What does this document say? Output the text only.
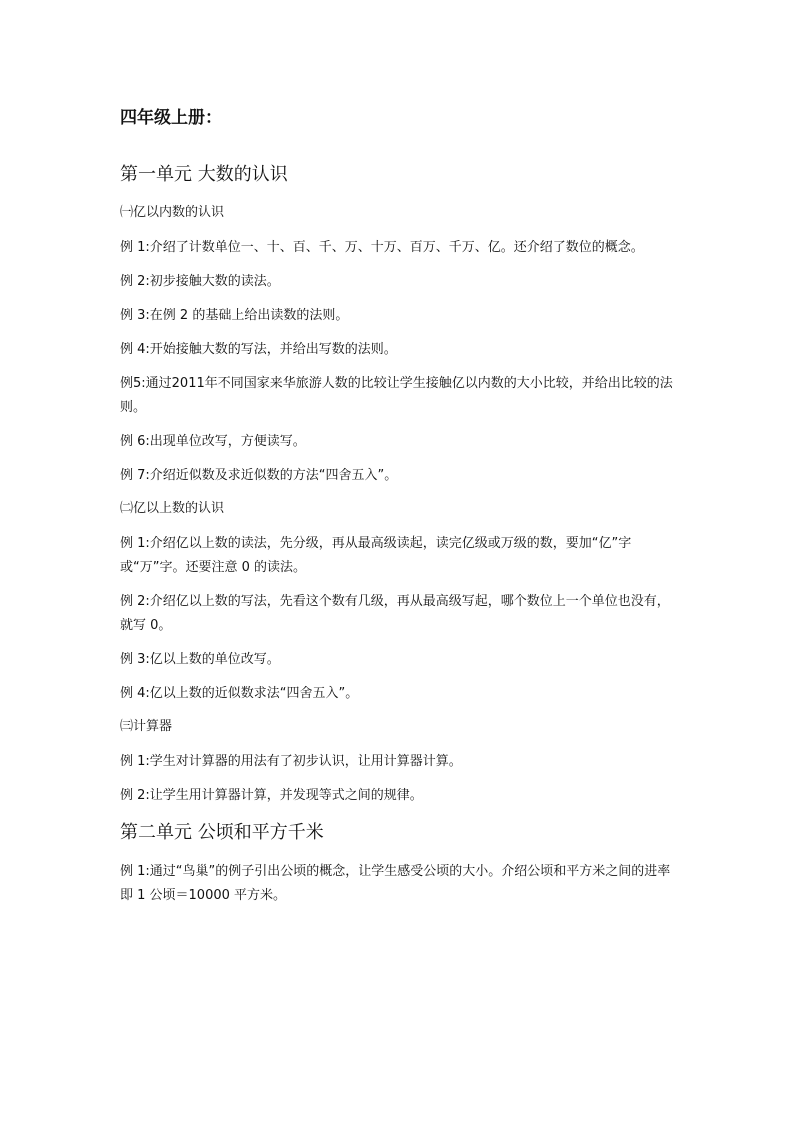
四年级上册：
第一单元 大数的认识
㈠亿以内数的认识
例 1:介绍了计数单位一、十、百、千、万、十万、百万、千万、亿。还介绍了数位的概念。
例 2:初步接触大数的读法。
例 3:在例 2 的基础上给出读数的法则。
例 4:开始接触大数的写法，并给出写数的法则。
例5:通过2011年不同国家来华旅游人数的比较让学生接触亿以内数的大小比较，并给出比较的法则。
例 6:出现单位改写，方便读写。
例 7:介绍近似数及求近似数的方法“四舍五入”。
㈡亿以上数的认识
例 1:介绍亿以上数的读法，先分级，再从最高级读起，读完亿级或万级的数，要加“亿”字或“万”字。还要注意 0 的读法。
例 2:介绍亿以上数的写法，先看这个数有几级，再从最高级写起，哪个数位上一个单位也没有，就写 0。
例 3:亿以上数的单位改写。
例 4:亿以上数的近似数求法“四舍五入”。
㈢计算器
例 1:学生对计算器的用法有了初步认识，让用计算器计算。
例 2:让学生用计算器计算，并发现等式之间的规律。
第二单元 公顷和平方千米
例 1:通过“鸟巢”的例子引出公顷的概念，让学生感受公顷的大小。介绍公顷和平方米之间的进率即 1 公顷＝10000 平方米。
